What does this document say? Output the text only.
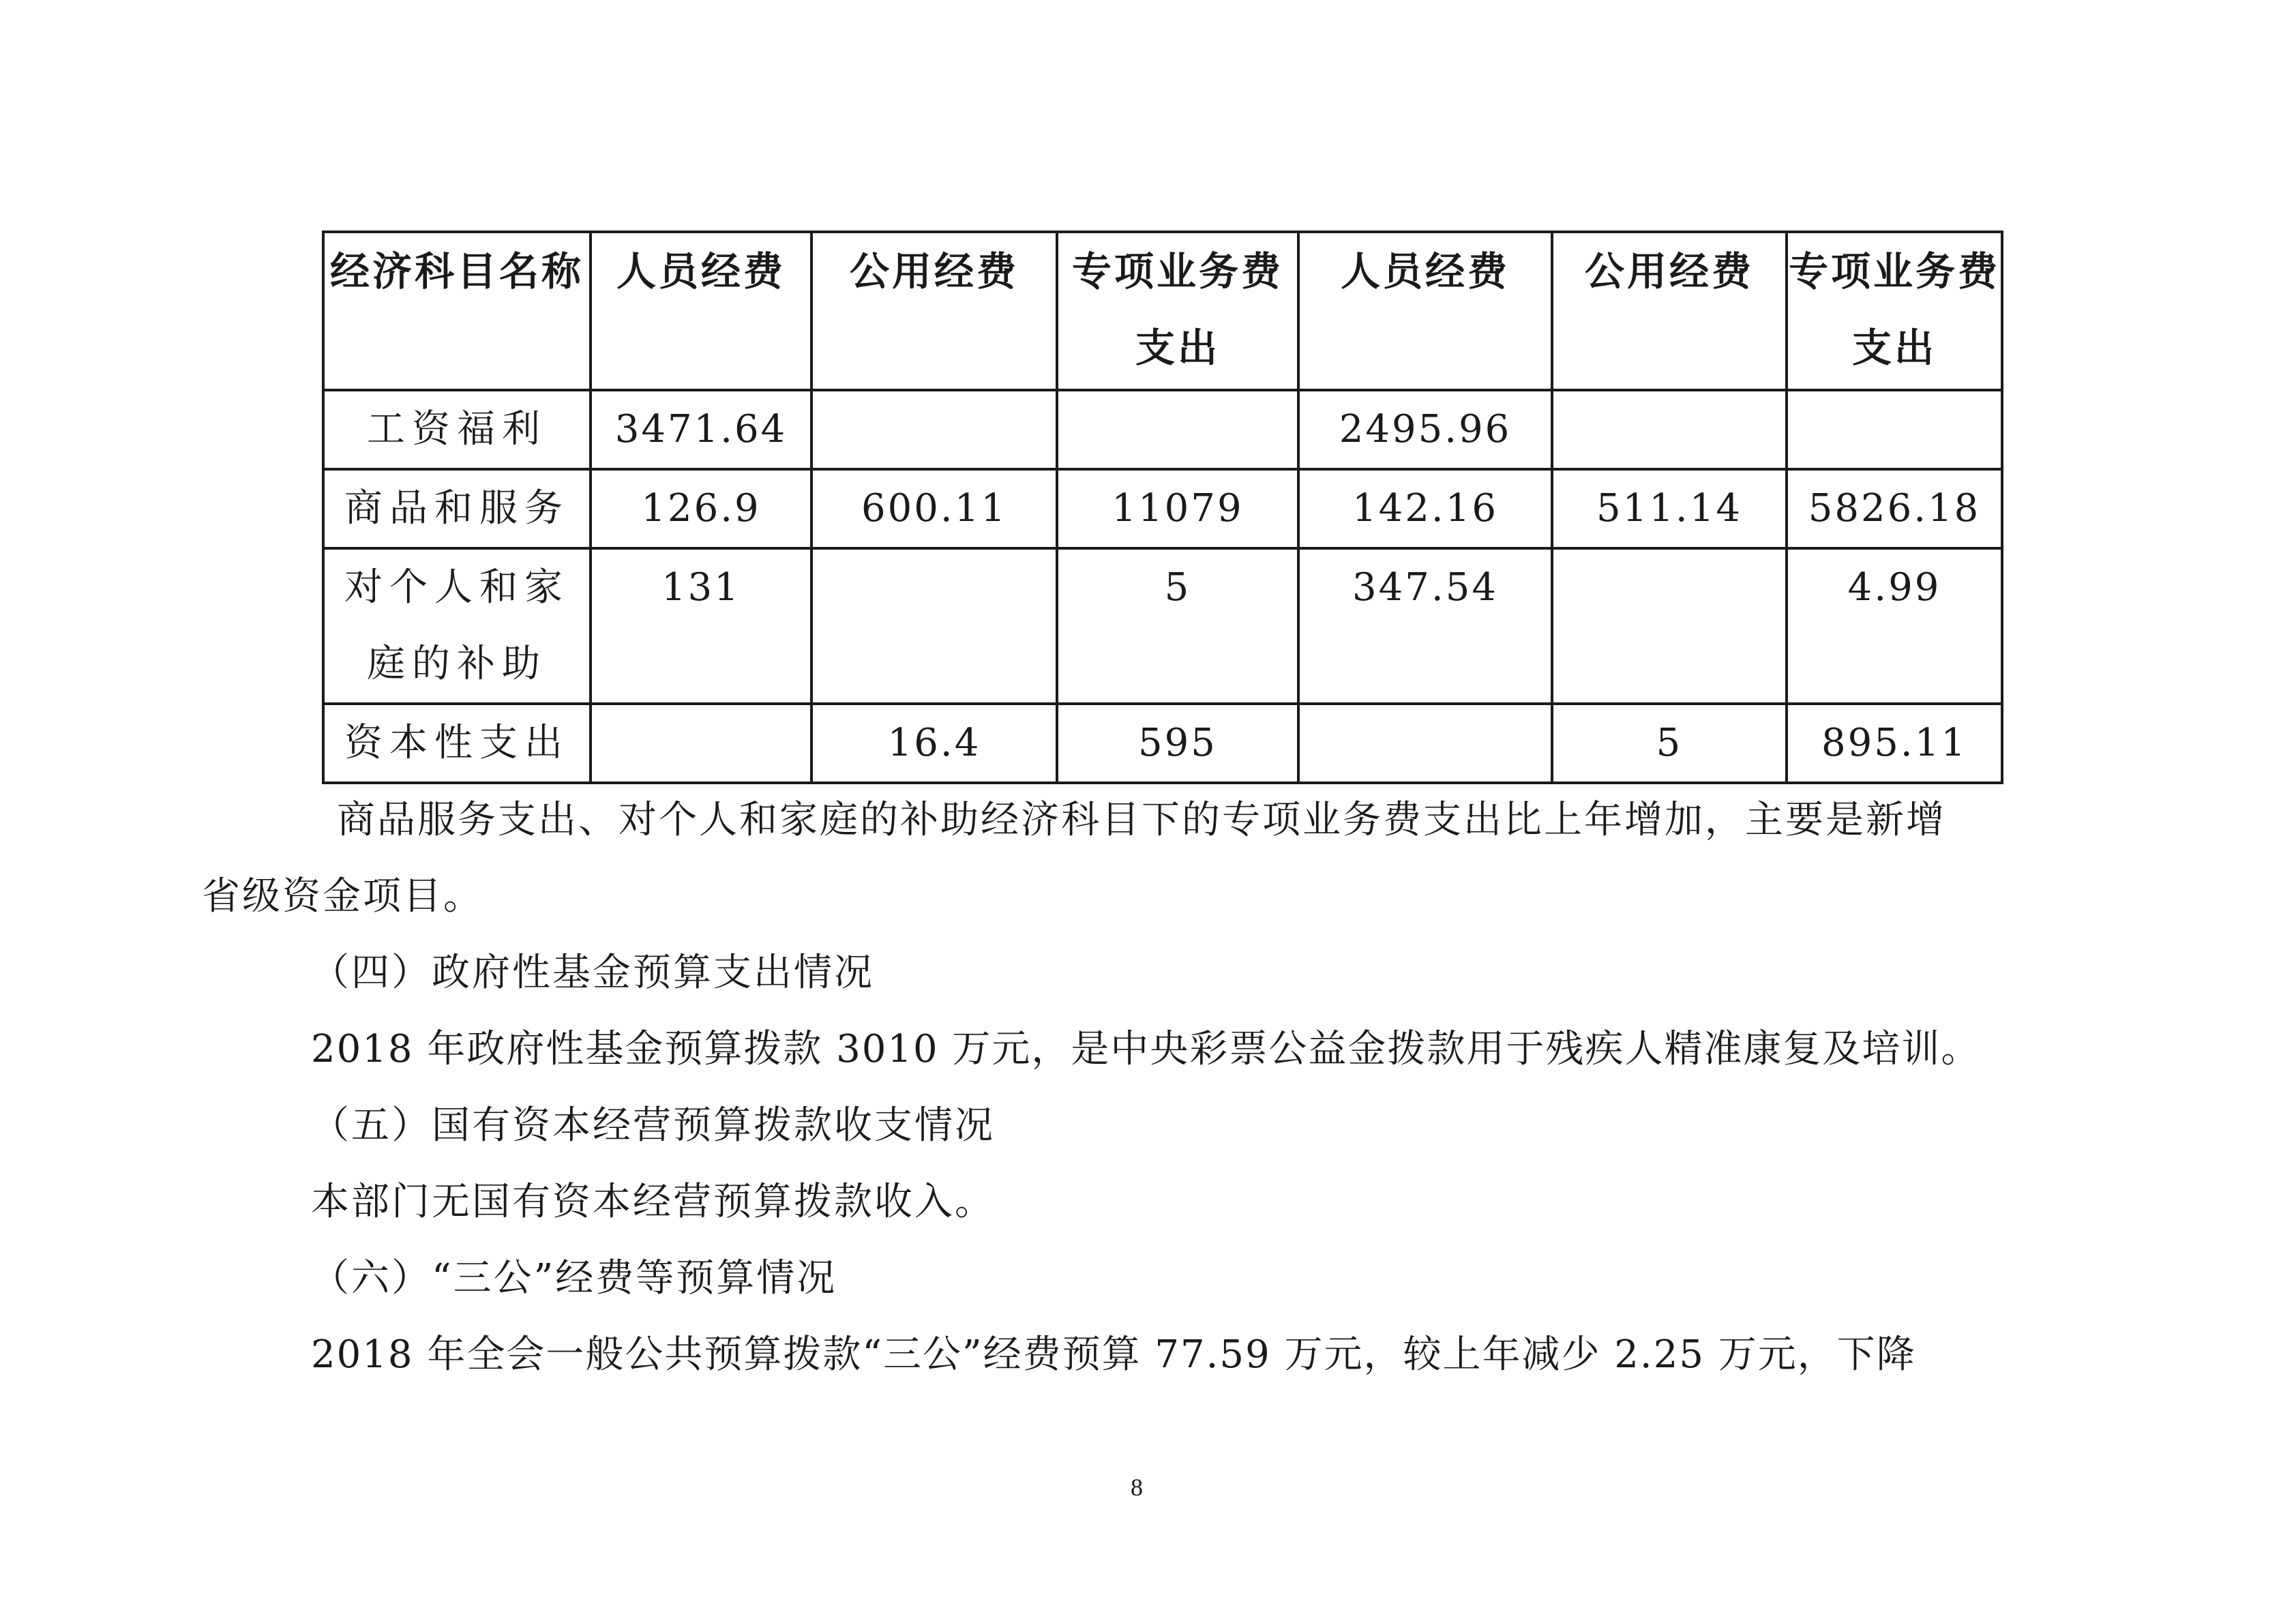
经济科目名称	人员经费	公用经费	专项业务费支出	人员经费	公用经费	专项业务费支出
工资福利	3471.64			2495.96		
商品和服务	126.9	600.11	11079	142.16	511.14	5826.18
对个人和家庭的补助	131		5	347.54		4.99
资本性支出		16.4	595		5	895.11

商品服务支出、对个人和家庭的补助经济科目下的专项业务费支出比上年增加，主要是新增

省级资金项目。

（四）政府性基金预算支出情况

2018 年政府性基金预算拨款 3010 万元，是中央彩票公益金拨款用于残疾人精准康复及培训。

（五）国有资本经营预算拨款收支情况

本部门无国有资本经营预算拨款收入。

（六）“三公”经费等预算情况

2018 年全会一般公共预算拨款“三公”经费预算 77.59 万元，较上年减少 2.25 万元，下降

8
